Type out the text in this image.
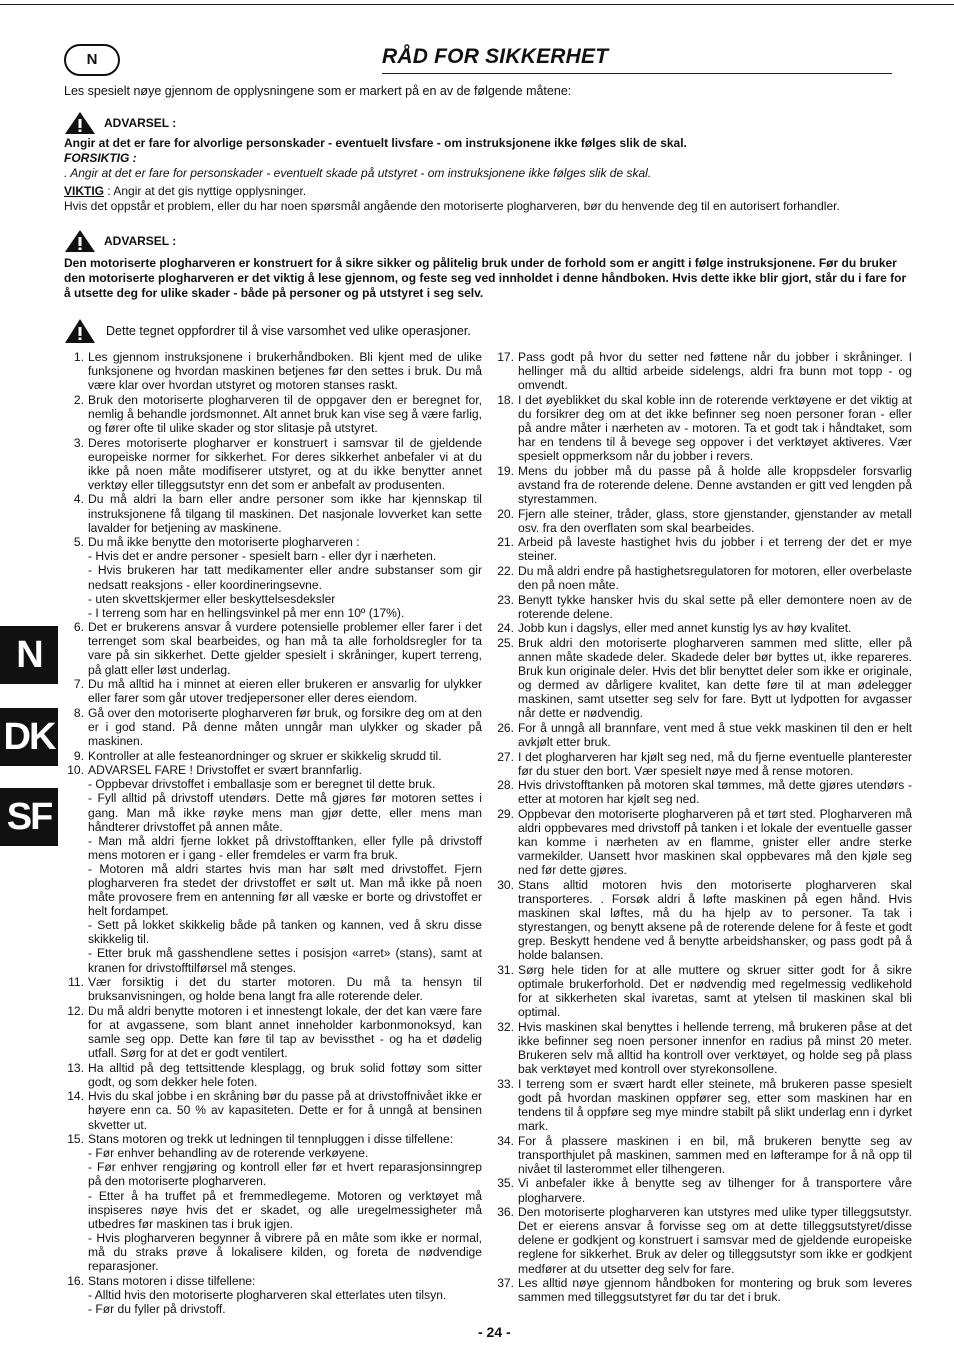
N	RÅD FOR SIKKERHET
Les spesielt nøye gjennom de opplysningene som er markert på en av de følgende måtene:
ADVARSEL :
Angir at det er fare for alvorlige personskader - eventuelt livsfare - om instruksjonene ikke følges slik de skal.
FORSIKTIG :
. Angir at det er fare for personskader - eventuelt skade på utstyret - om instruksjonene ikke følges slik de skal.
VIKTIG : Angir at det gis nyttige opplysninger.
Hvis det oppstår et problem, eller du har noen spørsmål angående den motoriserte plogharveren, bør du henvende deg til en autorisert forhandler.
ADVARSEL :
Den motoriserte plogharveren er konstruert for å sikre sikker og pålitelig bruk under de forhold som er angitt i følge instruksjonene. Før du bruker den motoriserte plogharveren er det viktig å lese gjennom, og feste seg ved innholdet i denne håndboken. Hvis dette ikke blir gjort, står du i fare for å utsette deg for ulike skader - både på personer og på utstyret i seg selv.
Dette tegnet oppfordrer til å vise varsomhet ved ulike operasjoner.
1. Les gjennom instruksjonene i brukerhåndboken. Bli kjent med de ulike funksjonene og hvordan maskinen betjenes før den settes i bruk. Du må være klar over hvordan utstyret og motoren stanses raskt.
2. Bruk den motoriserte plogharveren til de oppgaver den er beregnet for, nemlig å behandle jordsmonnet. Alt annet bruk kan vise seg å være farlig, og fører ofte til ulike skader og stor slitasje på utstyret.
3. Deres motoriserte plogharver er konstruert i samsvar til de gjeldende europeiske normer for sikkerhet. For deres sikkerhet anbefaler vi at du ikke på noen måte modifiserer utstyret, og at du ikke benytter annet verktøy eller tilleggsutstyr enn det som er anbefalt av produsenten.
4. Du må aldri la barn eller andre personer som ikke har kjennskap til instruksjonene få tilgang til maskinen. Det nasjonale lovverket kan sette lavalder for betjening av maskinene.
5. Du må ikke benytte den motoriserte plogharveren :
- Hvis det er andre personer - spesielt barn - eller dyr i nærheten.
- Hvis brukeren har tatt medikamenter eller andre substanser som gir nedsatt reaksjons - eller koordineringsevne.
- uten skvettskjermer eller beskyttelsesdeksler
- I terreng som har en hellingsvinkel på mer enn 10º (17%).
6. Det er brukerens ansvar å vurdere potensielle problemer eller farer i det terrenget som skal bearbeides, og han må ta alle forholdsregler for ta vare på sin sikkerhet. Dette gjelder spesielt i skråninger, kupert terreng, på glatt eller løst underlag.
7. Du må alltid ha i minnet at eieren eller brukeren er ansvarlig for ulykker eller farer som går utover tredjepersoner eller deres eiendom.
8. Gå over den motoriserte plogharveren før bruk, og forsikre deg om at den er i god stand. På denne måten unngår man ulykker og skader på maskinen.
9. Kontroller at alle festeanordninger og skruer er skikkelig skrudd til.
10. ADVARSEL FARE ! Drivstoffet er svært brannfarlig.
- Oppbevar drivstoffet i emballasje som er beregnet til dette bruk.
- Fyll alltid på drivstoff utendørs. Dette må gjøres før motoren settes i gang. Man må ikke røyke mens man gjør dette, eller mens man håndterer drivstoffet på annen måte.
- Man må aldri fjerne lokket på drivstofftanken, eller fylle på drivstoff mens motoren er i gang - eller fremdeles er varm fra bruk.
- Motoren må aldri startes hvis man har sølt med drivstoffet. Fjern plogharveren fra stedet der drivstoffet er sølt ut. Man må ikke på noen måte provosere frem en antenning før all væske er borte og drivstoffet er helt fordampet.
- Sett på lokket skikkelig både på tanken og kannen, ved å skru disse skikkelig til.
- Etter bruk må gasshendlene settes i posisjon «arret» (stans), samt at kranen for drivstofftilførsel må stenges.
11. Vær forsiktig i det du starter motoren. Du må ta hensyn til bruksanvisningen, og holde bena langt fra alle roterende deler.
12. Du må aldri benytte motoren i et innestengt lokale, der det kan være fare for at avgassene, som blant annet inneholder karbonmonoksyd, kan samle seg opp. Dette kan føre til tap av bevissthet - og ha et dødelig utfall. Sørg for at det er godt ventilert.
13. Ha alltid på deg tettsittende klesplagg, og bruk solid fottøy som sitter godt, og som dekker hele foten.
14. Hvis du skal jobbe i en skråning bør du passe på at drivstoffnivået ikke er høyere enn ca. 50 % av kapasiteten. Dette er for å unngå at bensinen skvetter ut.
15. Stans motoren og trekk ut ledningen til tennpluggen i disse tilfellene:
- Før enhver behandling av de roterende verkøyene.
- Før enhver rengjøring og kontroll eller før et hvert reparasjonsinngrep på den motoriserte plogharveren.
- Etter å ha truffet på et fremmedlegeme. Motoren og verktøyet må inspiseres nøye hvis det er skadet, og alle uregelmessigheter må utbedres før maskinen tas i bruk igjen.
- Hvis plogharveren begynner å vibrere på en måte som ikke er normal, må du straks prøve å lokalisere kilden, og foreta de nødvendige reparasjoner.
16. Stans motoren i disse tilfellene:
- Alltid hvis den motoriserte plogharveren skal etterlates uten tilsyn.
- Før du fyller på drivstoff.
17. Pass godt på hvor du setter ned føttene når du jobber i skråninger. I hellinger må du alltid arbeide sidelengs, aldri fra bunn mot topp - og omvendt.
18. I det øyeblikket du skal koble inn de roterende verktøyene er det viktig at du forsikrer deg om at det ikke befinner seg noen personer foran - eller på andre måter i nærheten av - motoren. Ta et godt tak i håndtaket, som har en tendens til å bevege seg oppover i det verktøyet aktiveres. Vær spesielt oppmerksom når du jobber i revers.
19. Mens du jobber må du passe på å holde alle kroppsdeler forsvarlig avstand fra de roterende delene. Denne avstanden er gitt ved lengden på styrestammen.
20. Fjern alle steiner, tråder, glass, store gjenstander, gjenstander av metall osv. fra den overflaten som skal bearbeides.
21. Arbeid på laveste hastighet hvis du jobber i et terreng der det er mye steiner.
22. Du må aldri endre på hastighetsregulatoren for motoren, eller overbelaste den på noen måte.
23. Benytt tykke hansker hvis du skal sette på eller demontere noen av de roterende delene.
24. Jobb kun i dagslys, eller med annet kunstig lys av høy kvalitet.
25. Bruk aldri den motoriserte plogharveren sammen med slitte, eller på annen måte skadede deler. Skadede deler bør byttes ut, ikke repareres. Bruk kun originale deler. Hvis det blir benyttet deler som ikke er originale, og dermed av dårligere kvalitet, kan dette føre til at man ødelegger maskinen, samt utsetter seg selv for fare. Bytt ut lydpotten for avgasser når dette er nødvendig.
26. For å unngå all brannfare, vent med å stue vekk maskinen til den er helt avkjølt etter bruk.
27. I det plogharveren har kjølt seg ned, må du fjerne eventuelle planterester før du stuer den bort. Vær spesielt nøye med å rense motoren.
28. Hvis drivstofftanken på motoren skal tømmes, må dette gjøres utendørs - etter at motoren har kjølt seg ned.
29. Oppbevar den motoriserte plogharveren på et tørt sted. Plogharveren må aldri oppbevares med drivstoff på tanken i et lokale der eventuelle gasser kan komme i nærheten av en flamme, gnister eller andre sterke varmekilder. Uansett hvor maskinen skal oppbevares må den kjøle seg ned før dette gjøres.
30. Stans alltid motoren hvis den motoriserte plogharveren skal transporteres. . Forsøk aldri å løfte maskinen på egen hånd. Hvis maskinen skal løftes, må du ha hjelp av to personer. Ta tak i styrestangen, og benytt aksene på de roterende delene for å feste et godt grep. Beskytt hendene ved å benytte arbeidshansker, og pass godt på å holde balansen.
31. Sørg hele tiden for at alle muttere og skruer sitter godt for å sikre optimale brukerforhold. Det er nødvendig med regelmessig vedlikehold for at sikkerheten skal ivaretas, samt at ytelsen til maskinen skal bli optimal.
32. Hvis maskinen skal benyttes i hellende terreng, må brukeren påse at det ikke befinner seg noen personer innenfor en radius på minst 20 meter. Brukeren selv må alltid ha kontroll over verktøyet, og holde seg på plass bak verktøyet med kontroll over styrekonsollene.
33. I terreng som er svært hardt eller steinete, må brukeren passe spesielt godt på hvordan maskinen oppfører seg, etter som maskinen har en tendens til å oppføre seg mye mindre stabilt på slikt underlag enn i dyrket mark.
34. For å plassere maskinen i en bil, må brukeren benytte seg av transporthjulet på maskinen, sammen med en løfterampe for å nå opp til nivået til lasterommet eller tilhengeren.
35. Vi anbefaler ikke å benytte seg av tilhenger for å transportere våre plogharvere.
36. Den motoriserte plogharveren kan utstyres med ulike typer tilleggsutstyr. Det er eierens ansvar å forvisse seg om at dette tilleggsutstyret/disse delene er godkjent og konstruert i samsvar med de gjeldende europeiske reglene for sikkerhet. Bruk av deler og tilleggsutstyr som ikke er godkjent medfører at du utsetter deg selv for fare.
37. Les alltid nøye gjennom håndboken for montering og bruk som leveres sammen med tilleggsutstyret før du tar det i bruk.
N
DK
SF
- 24 -
